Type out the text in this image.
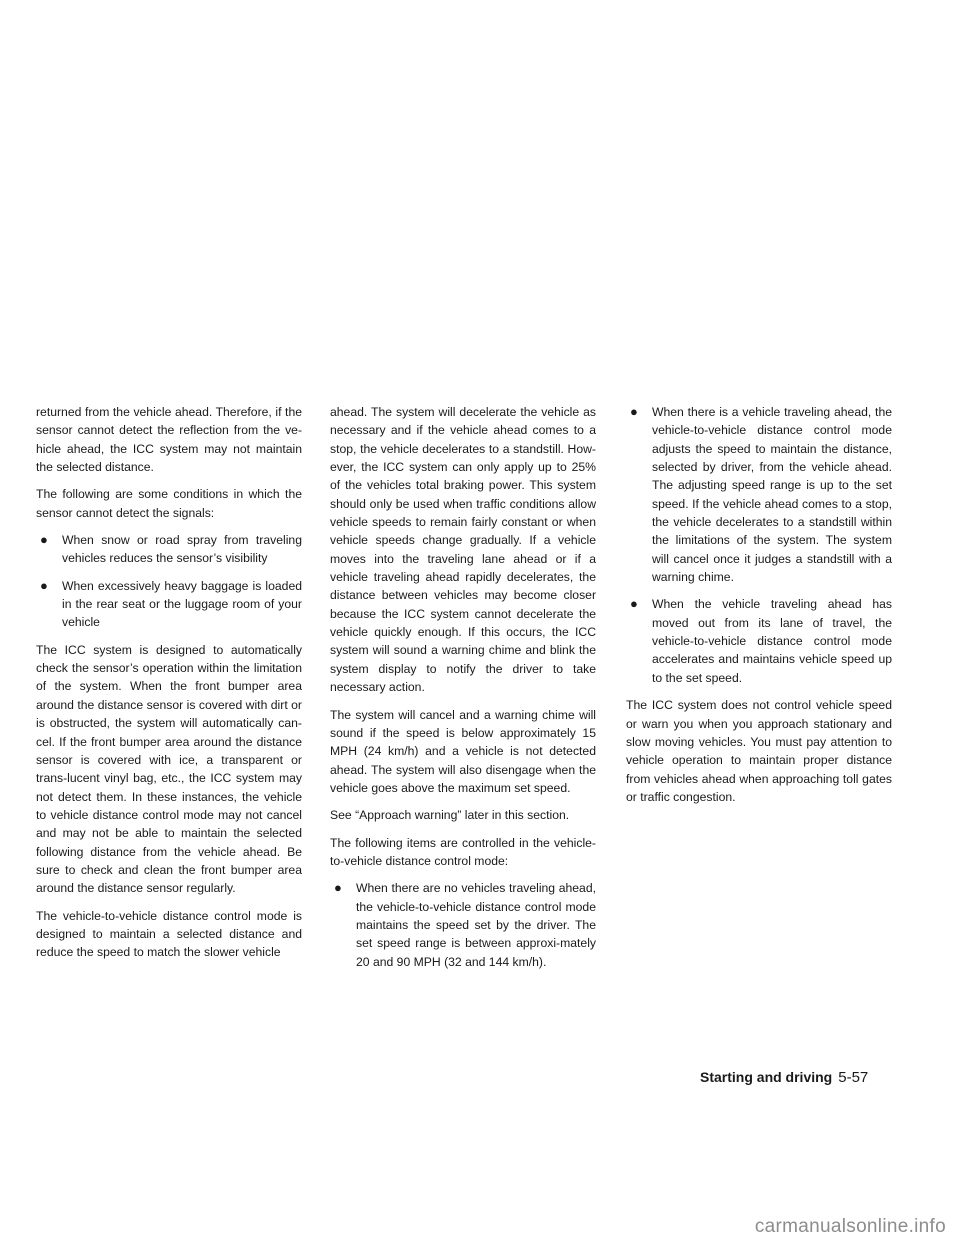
returned from the vehicle ahead. Therefore, if the sensor cannot detect the reflection from the ve-hicle ahead, the ICC system may not maintain the selected distance.

The following are some conditions in which the sensor cannot detect the signals:

● When snow or road spray from traveling vehicles reduces the sensor’s visibility
● When excessively heavy baggage is loaded in the rear seat or the luggage room of your vehicle

The ICC system is designed to automatically check the sensor’s operation within the limitation of the system. When the front bumper area around the distance sensor is covered with dirt or is obstructed, the system will automatically can-cel. If the front bumper area around the distance sensor is covered with ice, a transparent or trans-lucent vinyl bag, etc., the ICC system may not detect them. In these instances, the vehicle to vehicle distance control mode may not cancel and may not be able to maintain the selected following distance from the vehicle ahead. Be sure to check and clean the front bumper area around the distance sensor regularly.

The vehicle-to-vehicle distance control mode is designed to maintain a selected distance and reduce the speed to match the slower vehicle

ahead. The system will decelerate the vehicle as necessary and if the vehicle ahead comes to a stop, the vehicle decelerates to a standstill. How-ever, the ICC system can only apply up to 25% of the vehicles total braking power. This system should only be used when traffic conditions allow vehicle speeds to remain fairly constant or when vehicle speeds change gradually. If a vehicle moves into the traveling lane ahead or if a vehicle traveling ahead rapidly decelerates, the distance between vehicles may become closer because the ICC system cannot decelerate the vehicle quickly enough. If this occurs, the ICC system will sound a warning chime and blink the system display to notify the driver to take necessary action.

The system will cancel and a warning chime will sound if the speed is below approximately 15 MPH (24 km/h) and a vehicle is not detected ahead. The system will also disengage when the vehicle goes above the maximum set speed.

See “Approach warning” later in this section.

The following items are controlled in the vehicle-to-vehicle distance control mode:

● When there are no vehicles traveling ahead, the vehicle-to-vehicle distance control mode maintains the speed set by the driver. The set speed range is between approxi-mately 20 and 90 MPH (32 and 144 km/h).
● When there is a vehicle traveling ahead, the vehicle-to-vehicle distance control mode adjusts the speed to maintain the distance, selected by driver, from the vehicle ahead. The adjusting speed range is up to the set speed. If the vehicle ahead comes to a stop, the vehicle decelerates to a standstill within the limitations of the system. The system will cancel once it judges a standstill with a warning chime.
● When the vehicle traveling ahead has moved out from its lane of travel, the vehicle-to-vehicle distance control mode accelerates and maintains vehicle speed up to the set speed.

The ICC system does not control vehicle speed or warn you when you approach stationary and slow moving vehicles. You must pay attention to vehicle operation to maintain proper distance from vehicles ahead when approaching toll gates or traffic congestion.

Starting and driving 5-57
carmanualsonline.info
